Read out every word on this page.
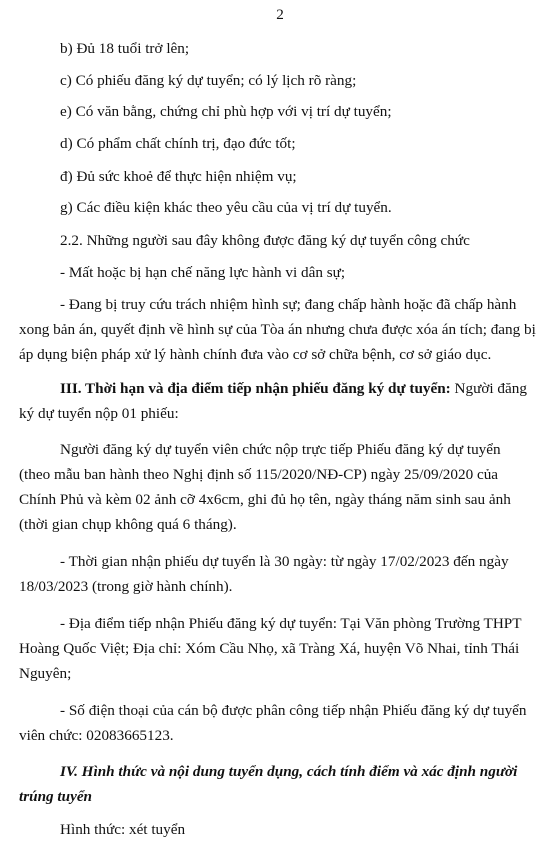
2
b) Đủ 18 tuổi trở lên;
c) Có phiếu đăng ký dự tuyển; có lý lịch rõ ràng;
e) Có văn bằng, chứng chỉ phù hợp với vị trí dự tuyển;
d) Có phẩm chất chính trị, đạo đức tốt;
đ) Đủ sức khoẻ để thực hiện nhiệm vụ;
g) Các điều kiện khác theo yêu cầu của vị trí dự tuyển.
2.2. Những người sau đây không được đăng ký dự tuyển công chức
- Mất hoặc bị hạn chế năng lực hành vi dân sự;
- Đang bị truy cứu trách nhiệm hình sự; đang chấp hành hoặc đã chấp hành
xong bản án, quyết định về hình sự của Tòa án nhưng chưa được xóa án tích; đang bị
áp dụng biện pháp xử lý hành chính đưa vào cơ sở chữa bệnh, cơ sở giáo dục.
III. Thời hạn và địa điểm tiếp nhận phiếu đăng ký dự tuyển: Người đăng
ký dự tuyển nộp 01 phiếu:
Người đăng ký dự tuyển viên chức nộp trực tiếp Phiếu đăng ký dự tuyển
(theo mẫu ban hành theo Nghị định số 115/2020/NĐ-CP) ngày 25/09/2020 của
Chính Phủ và kèm 02 ảnh cỡ 4x6cm, ghi đủ họ tên, ngày tháng năm sinh sau ảnh
(thời gian chụp không quá 6 tháng).
- Thời gian nhận phiếu dự tuyển là 30 ngày: từ ngày 17/02/2023 đến ngày
18/03/2023 (trong giờ hành chính).
- Địa điểm tiếp nhận Phiếu đăng ký dự tuyển: Tại Văn phòng Trường THPT
Hoàng Quốc Việt; Địa chỉ: Xóm Cầu Nhọ, xã Tràng Xá, huyện Võ Nhai, tỉnh Thái
Nguyên;
- Số điện thoại của cán bộ được phân công tiếp nhận Phiếu đăng ký dự tuyển
viên chức: 02083665123.
IV. Hình thức và nội dung tuyển dụng, cách tính điểm và xác định người
trúng tuyển
Hình thức: xét tuyển
